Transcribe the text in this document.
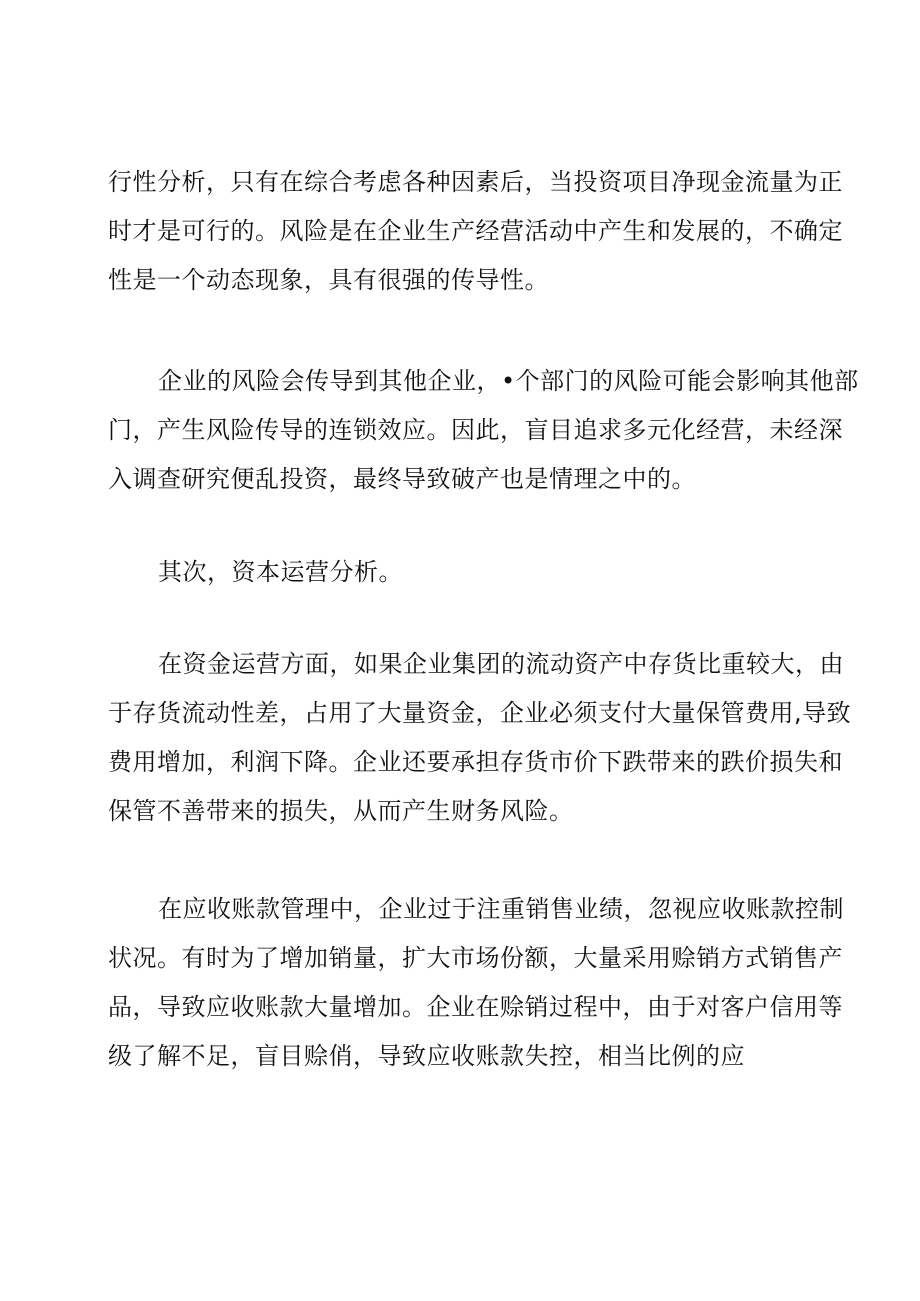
行性分析，只有在综合考虑各种因素后，当投资项目净现金流量为正
时才是可行的。风险是在企业生产经营活动中产生和发展的，不确定
性是一个动态现象，具有很强的传导性。

企业的风险会传导到其他企业，•个部门的风险可能会影响其他部
门，产生风险传导的连锁效应。因此，盲目追求多元化经营，未经深
入调查研究便乱投资，最终导致破产也是情理之中的。

其次，资本运营分析。

在资金运营方面，如果企业集团的流动资产中存货比重较大，由
于存货流动性差，占用了大量资金，企业必须支付大量保管费用,导致
费用增加，利润下降。企业还要承担存货市价下跌带来的跌价损失和
保管不善带来的损失，从而产生财务风险。

在应收账款管理中，企业过于注重销售业绩，忽视应收账款控制
状况。有时为了增加销量，扩大市场份额，大量采用赊销方式销售产
品，导致应收账款大量增加。企业在赊销过程中，由于对客户信用等
级了解不足，盲目赊俏，导致应收账款失控，相当比例的应
